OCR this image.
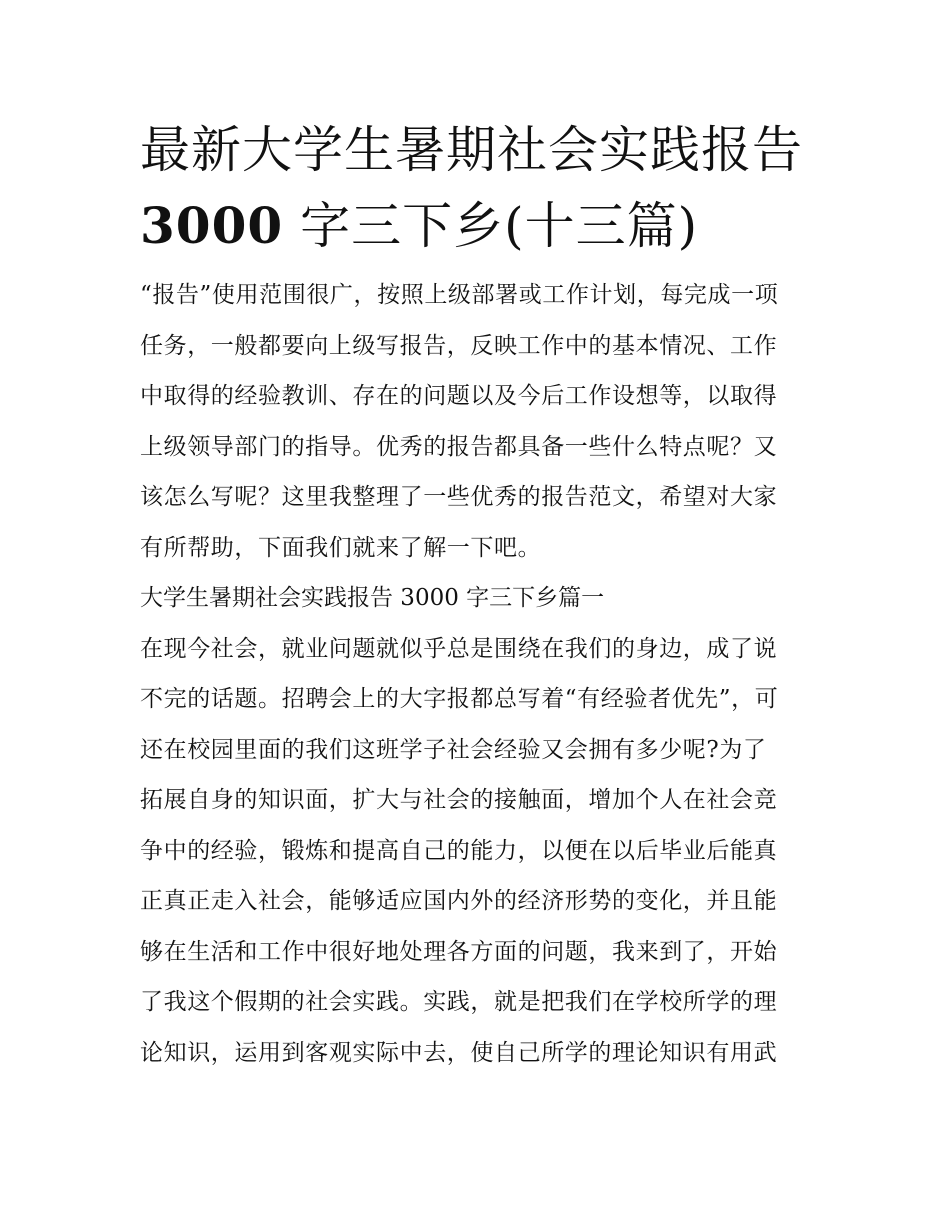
最新大学生暑期社会实践报告
3000 字三下乡(十三篇)

“报告”使用范围很广，按照上级部署或工作计划，每完成一项
任务，一般都要向上级写报告，反映工作中的基本情况、工作
中取得的经验教训、存在的问题以及今后工作设想等，以取得
上级领导部门的指导。优秀的报告都具备一些什么特点呢？又
该怎么写呢？这里我整理了一些优秀的报告范文，希望对大家
有所帮助，下面我们就来了解一下吧。

大学生暑期社会实践报告 3000 字三下乡篇一

在现今社会，就业问题就似乎总是围绕在我们的身边，成了说
不完的话题。招聘会上的大字报都总写着“有经验者优先”，可
还在校园里面的我们这班学子社会经验又会拥有多少呢?为了
拓展自身的知识面，扩大与社会的接触面，增加个人在社会竞
争中的经验，锻炼和提高自己的能力，以便在以后毕业后能真
正真正走入社会，能够适应国内外的经济形势的变化，并且能
够在生活和工作中很好地处理各方面的问题，我来到了，开始
了我这个假期的社会实践。实践，就是把我们在学校所学的理
论知识，运用到客观实际中去，使自己所学的理论知识有用武
